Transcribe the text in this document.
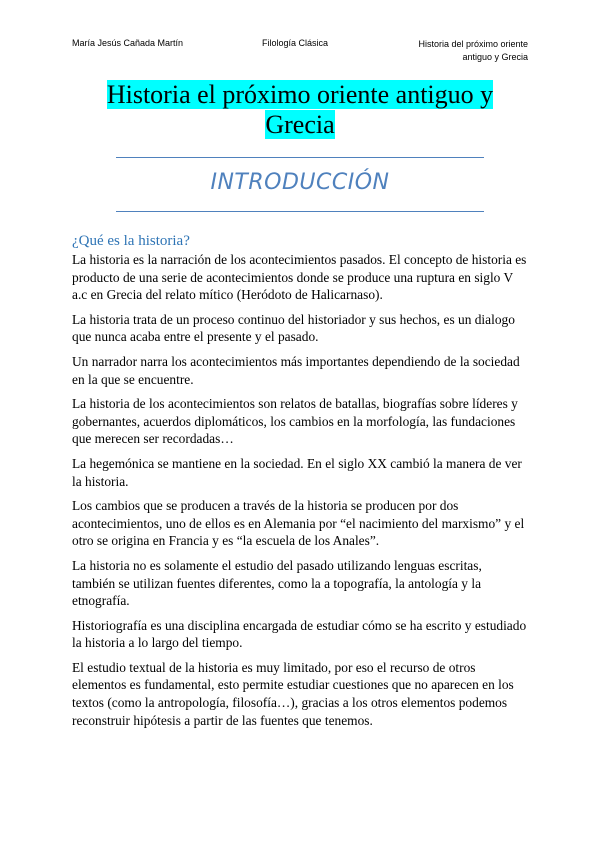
María Jesús Cañada Martín	Filología Clásica	Historia del próximo oriente
antiguo y Grecia
Historia el próximo oriente antiguo y
Grecia
INTRODUCCIÓN
¿Qué es la historia?

La historia es la narración de los acontecimientos pasados. El concepto de historia es producto de una serie de acontecimientos donde se produce una ruptura en siglo V a.c en Grecia del relato mítico (Heródoto de Halicarnaso).

La historia trata de un proceso continuo del historiador y sus hechos, es un dialogo que nunca acaba entre el presente y el pasado.

Un narrador narra los acontecimientos más importantes dependiendo de la sociedad en la que se encuentre.

La historia de los acontecimientos son relatos de batallas, biografías sobre líderes y gobernantes, acuerdos diplomáticos, los cambios en la morfología, las fundaciones que merecen ser recordadas…

La hegemónica se mantiene en la sociedad. En el siglo XX cambió la manera de ver la historia.

Los cambios que se producen a través de la historia se producen por dos acontecimientos, uno de ellos es en Alemania por “el nacimiento del marxismo” y el otro se origina en Francia y es “la escuela de los Anales”.

La historia no es solamente el estudio del pasado utilizando lenguas escritas, también se utilizan fuentes diferentes, como la a topografía, la antología y la etnografía.

Historiografía es una disciplina encargada de estudiar cómo se ha escrito y estudiado la historia a lo largo del tiempo.

El estudio textual de la historia es muy limitado, por eso el recurso de otros elementos es fundamental, esto permite estudiar cuestiones que no aparecen en los textos (como la antropología, filosofía…), gracias a los otros elementos podemos reconstruir hipótesis a partir de las fuentes que tenemos.
